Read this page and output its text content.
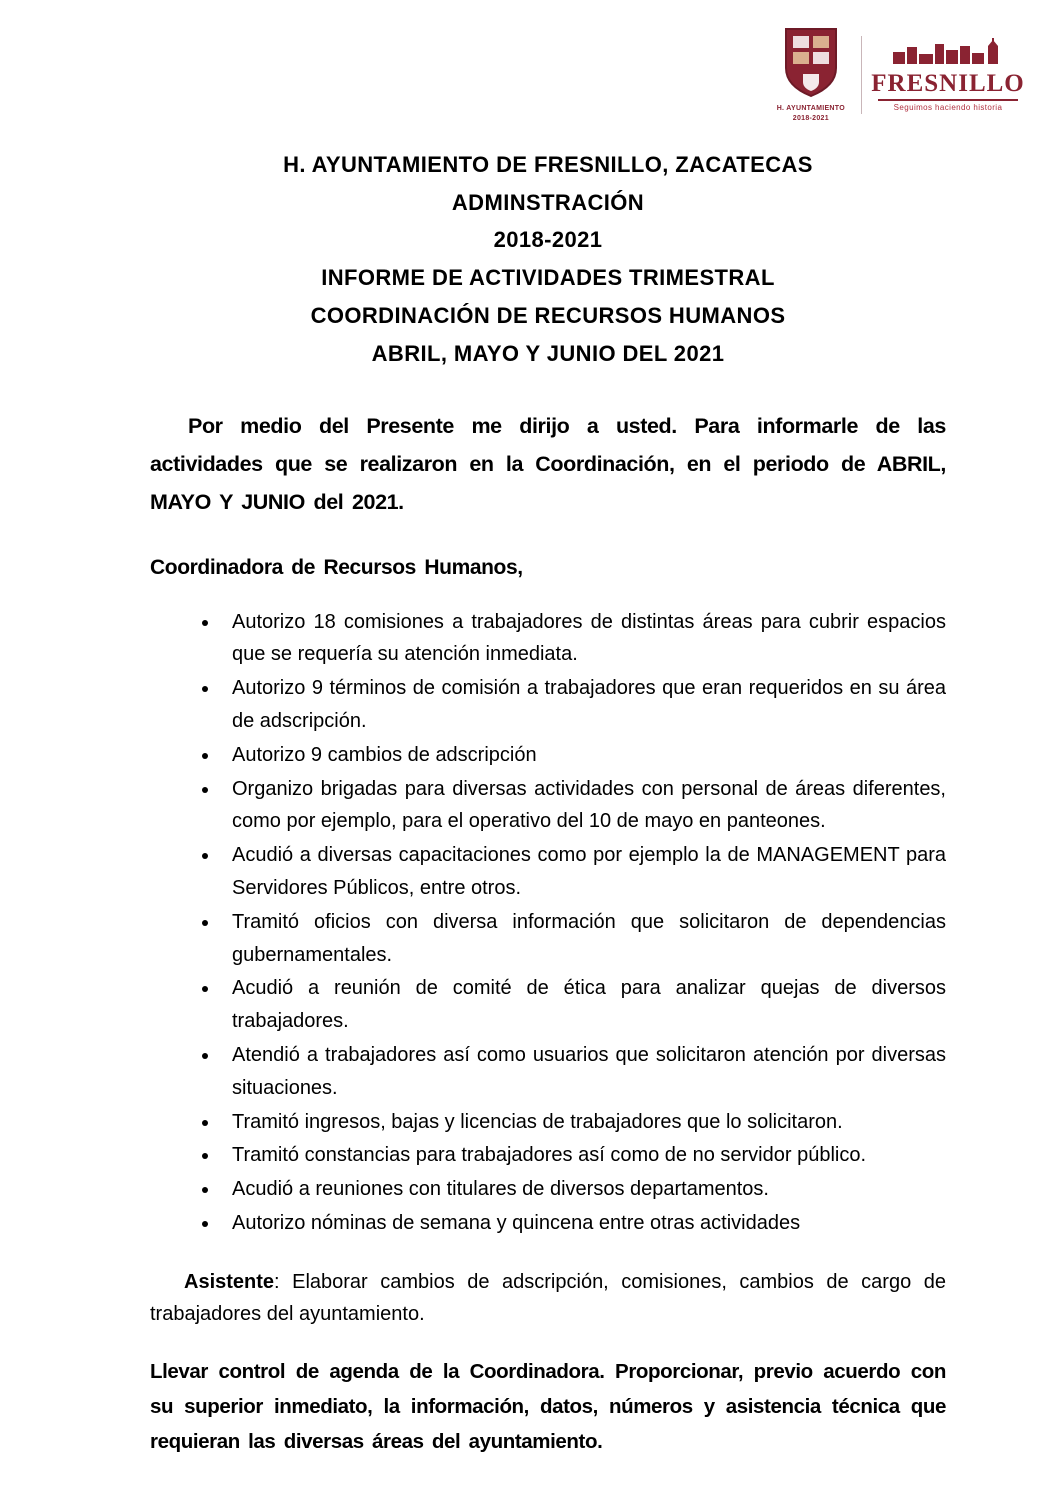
H. AYUNTAMIENTO
2018-2021
FRESNILLO
Seguimos haciendo historia
H. AYUNTAMIENTO DE FRESNILLO, ZACATECAS
ADMINSTRACIÓN
2018-2021
INFORME DE ACTIVIDADES TRIMESTRAL
COORDINACIÓN DE RECURSOS HUMANOS
ABRIL, MAYO Y JUNIO DEL 2021

Por medio del Presente me dirijo a usted. Para informarle de las actividades que se realizaron en la Coordinación, en el periodo de ABRIL, MAYO Y JUNIO del 2021.

Coordinadora de Recursos Humanos,

• Autorizo 18 comisiones a trabajadores de distintas áreas para cubrir espacios que se requería su atención inmediata.
• Autorizo 9 términos de comisión a trabajadores que eran requeridos en su área de adscripción.
• Autorizo 9 cambios de adscripción
• Organizo brigadas para diversas actividades con personal de áreas diferentes, como por ejemplo, para el operativo del 10 de mayo en panteones.
• Acudió a diversas capacitaciones como por ejemplo la de MANAGEMENT para Servidores Públicos, entre otros.
• Tramitó oficios con diversa información que solicitaron de dependencias gubernamentales.
• Acudió a reunión de comité de ética para analizar quejas de diversos trabajadores.
• Atendió a trabajadores así como usuarios que solicitaron atención por diversas situaciones.
• Tramitó ingresos, bajas y licencias de trabajadores que lo solicitaron.
• Tramitó constancias para trabajadores así como de no servidor público.
• Acudió a reuniones con titulares de diversos departamentos.
• Autorizo nóminas de semana y quincena entre otras actividades

Asistente: Elaborar cambios de adscripción, comisiones, cambios de cargo de trabajadores del ayuntamiento.

Llevar control de agenda de la Coordinadora. Proporcionar, previo acuerdo con su superior inmediato, la información, datos, números y asistencia técnica que requieran las diversas áreas del ayuntamiento.
